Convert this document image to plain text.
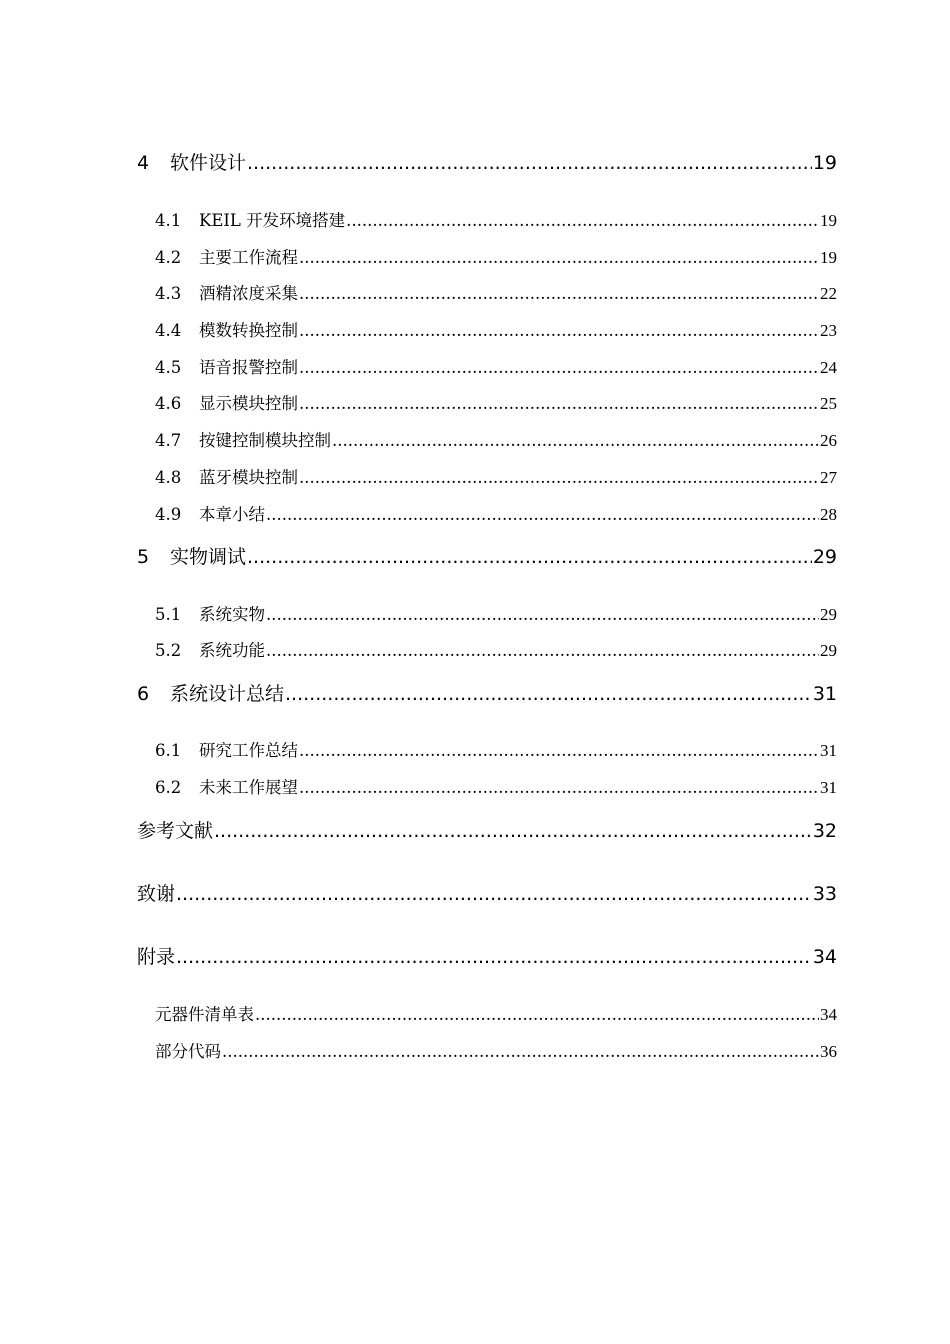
4	软件设计 .....	19
4.1	KEIL 开发环境搭建 .....	19
4.2	主要工作流程 .....	19
4.3	酒精浓度采集 .....	22
4.4	模数转换控制 .....	23
4.5	语音报警控制 .....	24
4.6	显示模块控制 .....	25
4.7	按键控制模块控制 .....	26
4.8	蓝牙模块控制 .....	27
4.9	本章小结 .....	28
5	实物调试 .....	29
5.1	系统实物 .....	29
5.2	系统功能 .....	29
6	系统设计总结 .....	31
6.1	研究工作总结 .....	31
6.2	未来工作展望 .....	31
参考文献 .....	32
致谢 .....	33
附录 .....	34
元器件清单表 .....	34
部分代码 .....	36
